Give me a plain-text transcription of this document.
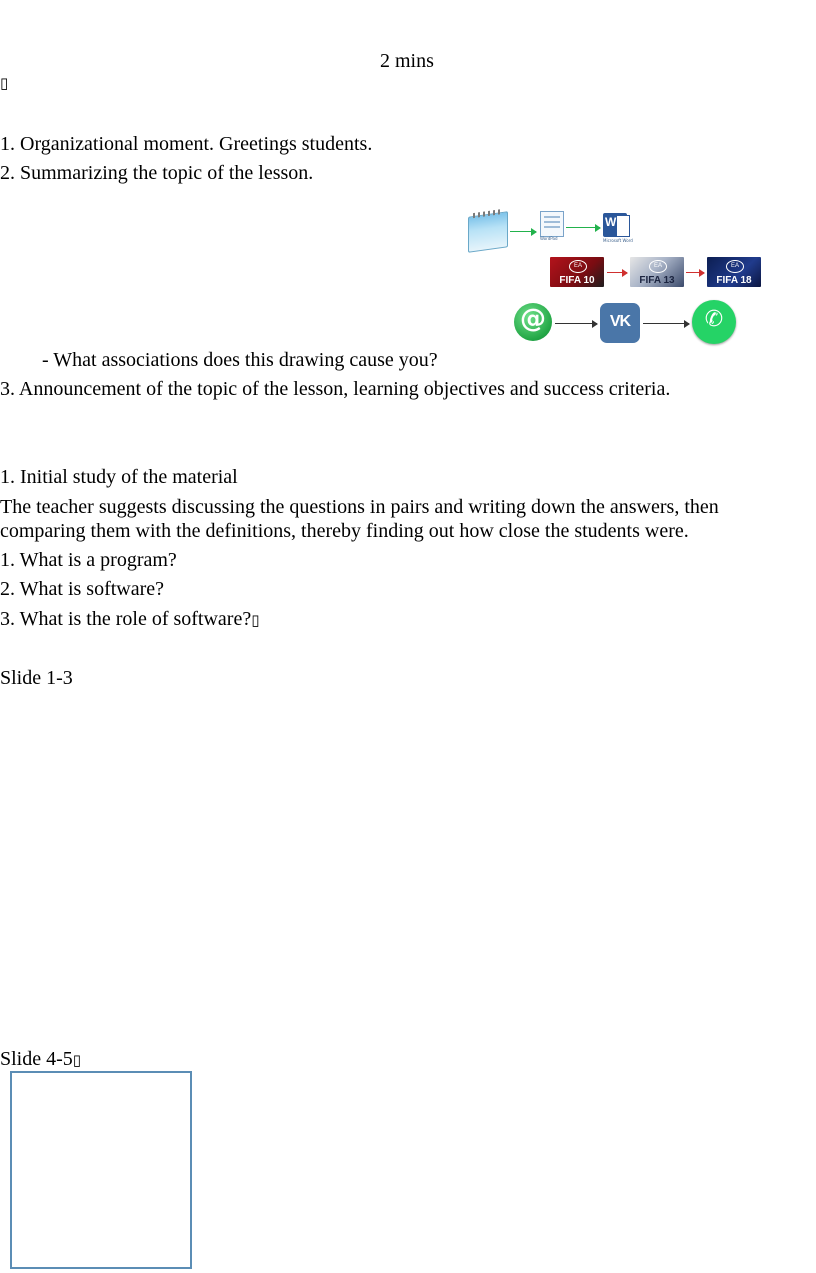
2 mins
▯
1. Organizational moment. Greetings students.
2. Summarizing the topic of the lesson.
WordPad
W
Microsoft Word
EA
FIFA 10
EA
FIFA 13
EA
FIFA 18
@	VK	✆
- What associations does this drawing cause you?
3. Announcement of the topic of the lesson, learning objectives and success criteria.
1. Initial study of the material
The teacher suggests discussing the questions in pairs and writing down the answers, then comparing them with the definitions, thereby finding out how close the students were.
1. What is a program?
2. What is software?
3. What is the role of software?▯
Slide 1-3
Slide 4-5▯
